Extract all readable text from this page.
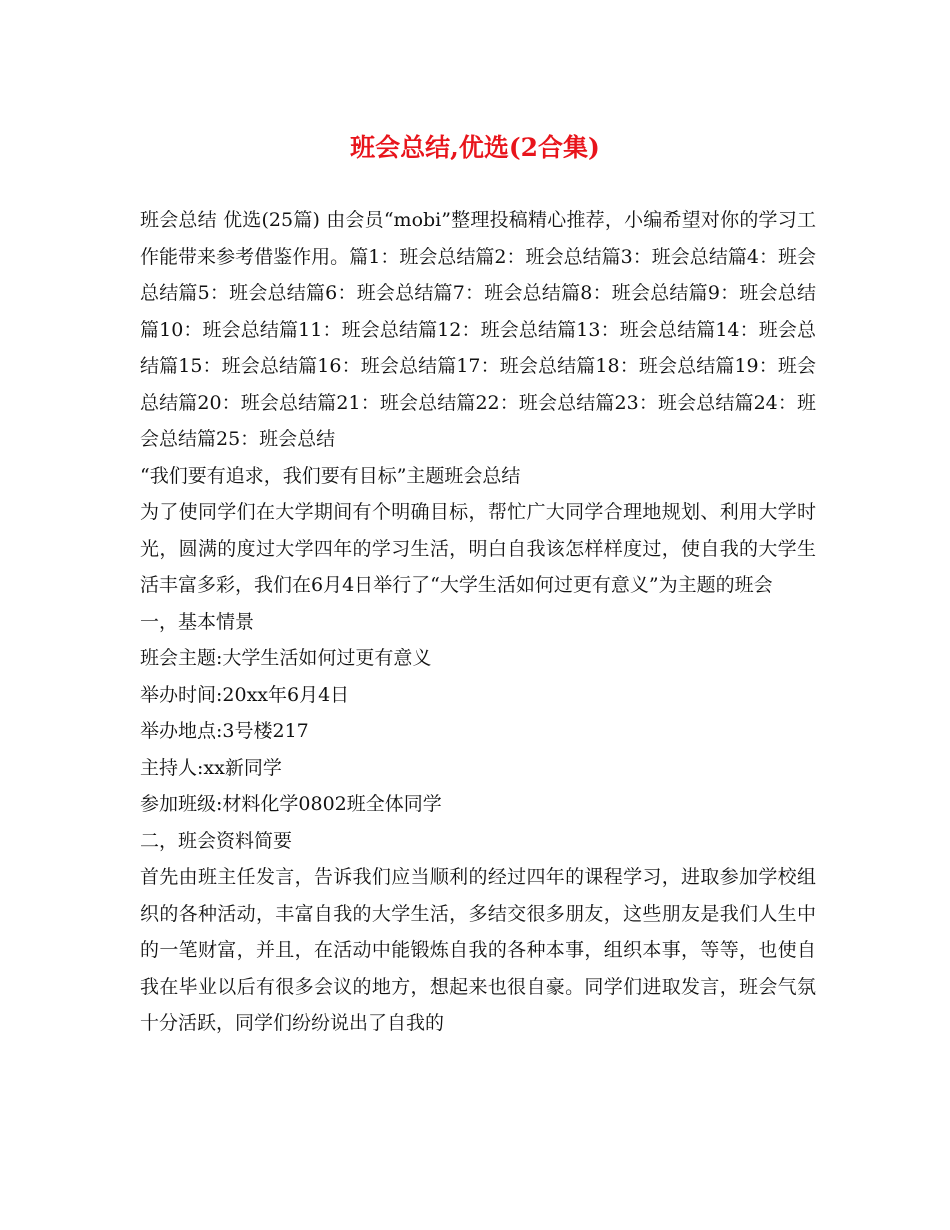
班会总结,优选(2合集)

班会总结 优选(25篇) 由会员“mobi”整理投稿精心推荐，小编希望对你的学习工作能带来参考借鉴作用。篇1：班会总结篇2：班会总结篇3：班会总结篇4：班会总结篇5：班会总结篇6：班会总结篇7：班会总结篇8：班会总结篇9：班会总结篇10：班会总结篇11：班会总结篇12：班会总结篇13：班会总结篇14：班会总结篇15：班会总结篇16：班会总结篇17：班会总结篇18：班会总结篇19：班会总结篇20：班会总结篇21：班会总结篇22：班会总结篇23：班会总结篇24：班会总结篇25：班会总结

“我们要有追求，我们要有目标”主题班会总结

为了使同学们在大学期间有个明确目标，帮忙广大同学合理地规划、利用大学时光，圆满的度过大学四年的学习生活，明白自我该怎样样度过，使自我的大学生活丰富多彩，我们在6月4日举行了“大学生活如何过更有意义”为主题的班会

一，基本情景

班会主题:大学生活如何过更有意义

举办时间:20xx年6月4日

举办地点:3号楼217

主持人:xx新同学

参加班级:材料化学0802班全体同学

二，班会资料简要

首先由班主任发言，告诉我们应当顺利的经过四年的课程学习，进取参加学校组织的各种活动，丰富自我的大学生活，多结交很多朋友，这些朋友是我们人生中的一笔财富，并且，在活动中能锻炼自我的各种本事，组织本事，等等，也使自我在毕业以后有很多会议的地方，想起来也很自豪。同学们进取发言，班会气氛十分活跃，同学们纷纷说出了自我的
